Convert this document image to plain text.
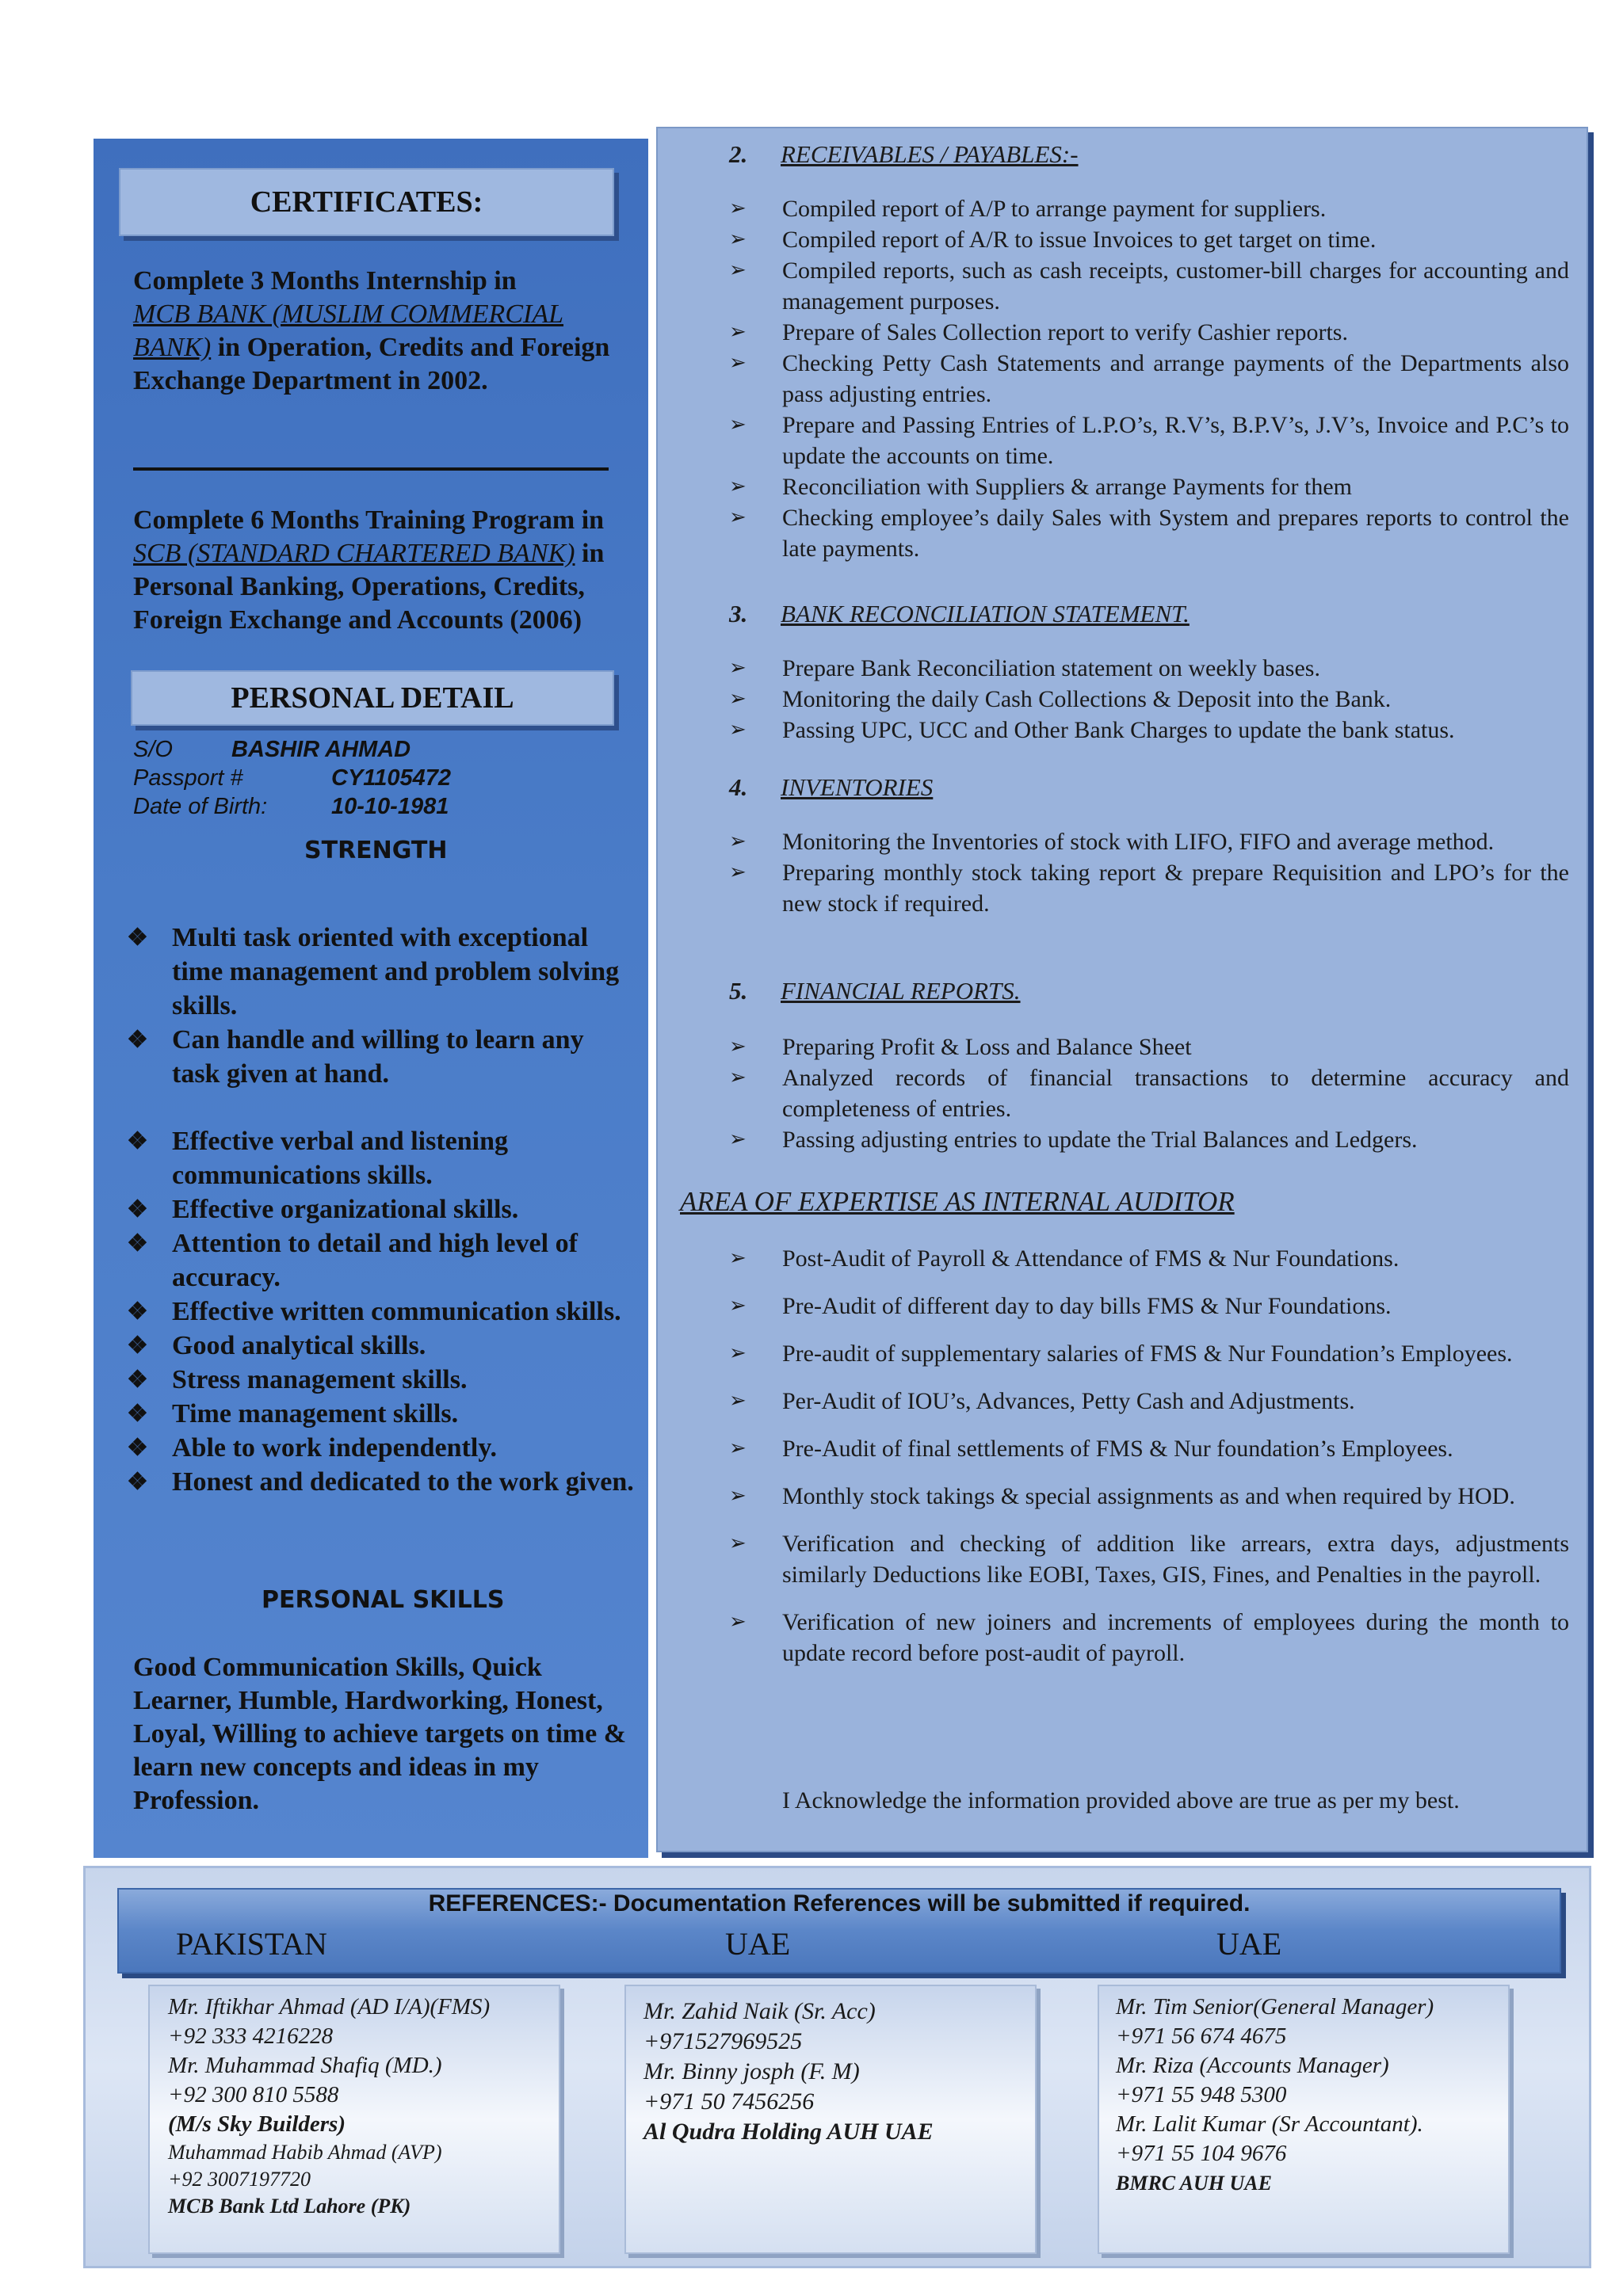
CERTIFICATES:
Complete 3 Months Internship in
MCB BANK (MUSLIM COMMERCIAL BANK) in Operation, Credits and Foreign Exchange Department in 2002.
Complete 6 Months Training Program in SCB (STANDARD CHARTERED BANK) in Personal Banking, Operations, Credits, Foreign Exchange and Accounts (2006)
PERSONAL DETAIL
S/O	BASHIR AHMAD
Passport #	CY1105472
Date of Birth:	10-10-1981
STRENGTH
❖ Multi task oriented with exceptional time management and problem solving skills.
❖ Can handle and willing to learn any task given at hand.
❖ Effective verbal and listening communications skills.
❖ Effective organizational skills.
❖ Attention to detail and high level of accuracy.
❖ Effective written communication skills.
❖ Good analytical skills.
❖ Stress management skills.
❖ Time management skills.
❖ Able to work independently.
❖ Honest and dedicated to the work given.
PERSONAL SKILLS
Good Communication Skills, Quick Learner, Humble, Hardworking, Honest, Loyal, Willing to achieve targets on time & learn new concepts and ideas in my Profession.
2. RECEIVABLES / PAYABLES:-
➢ Compiled report of A/P to arrange payment for suppliers.
➢ Compiled report of A/R to issue Invoices to get target on time.
➢ Compiled reports, such as cash receipts, customer-bill charges for accounting and management purposes.
➢ Prepare of Sales Collection report to verify Cashier reports.
➢ Checking Petty Cash Statements and arrange payments of the Departments also pass adjusting entries.
➢ Prepare and Passing Entries of L.P.O’s, R.V’s, B.P.V’s, J.V’s, Invoice and P.C’s to update the accounts on time.
➢ Reconciliation with Suppliers & arrange Payments for them
➢ Checking employee’s daily Sales with System and prepares reports to control the late payments.
3. BANK RECONCILIATION STATEMENT.
➢ Prepare Bank Reconciliation statement on weekly bases.
➢ Monitoring the daily Cash Collections & Deposit into the Bank.
➢ Passing UPC, UCC and Other Bank Charges to update the bank status.
4. INVENTORIES
➢ Monitoring the Inventories of stock with LIFO, FIFO and average method.
➢ Preparing monthly stock taking report & prepare Requisition and LPO’s for the new stock if required.
5. FINANCIAL REPORTS.
➢ Preparing Profit & Loss and Balance Sheet
➢ Analyzed records of financial transactions to determine accuracy and completeness of entries.
➢ Passing adjusting entries to update the Trial Balances and Ledgers.
AREA OF EXPERTISE AS INTERNAL AUDITOR
➢ Post-Audit of Payroll & Attendance of FMS & Nur Foundations.
➢ Pre-Audit of different day to day bills FMS & Nur Foundations.
➢ Pre-audit of supplementary salaries of FMS & Nur Foundation’s Employees.
➢ Per-Audit of IOU’s, Advances, Petty Cash and Adjustments.
➢ Pre-Audit of final settlements of FMS & Nur foundation’s Employees.
➢ Monthly stock takings & special assignments as and when required by HOD.
➢ Verification and checking of addition like arrears, extra days, adjustments similarly Deductions like EOBI, Taxes, GIS, Fines, and Penalties in the payroll.
➢ Verification of new joiners and increments of employees during the month to update record before post-audit of payroll.
I Acknowledge the information provided above are true as per my best.
REFERENCES:- Documentation References will be submitted if required.
PAKISTAN	UAE	UAE
Mr. Iftikhar Ahmad (AD I/A)(FMS)
+92 333 4216228
Mr. Muhammad Shafiq (MD.)
+92 300 810 5588
(M/s Sky Builders)
Muhammad Habib Ahmad (AVP)
+92 3007197720
MCB Bank Ltd Lahore (PK)
Mr. Zahid Naik (Sr. Acc)
+971527969525
Mr. Binny josph (F. M)
+971 50 7456256
Al Qudra Holding AUH UAE
Mr. Tim Senior(General Manager)
+971 56 674 4675
Mr. Riza (Accounts Manager)
+971 55 948 5300
Mr. Lalit Kumar (Sr Accountant).
+971 55 104 9676
BMRC AUH UAE
